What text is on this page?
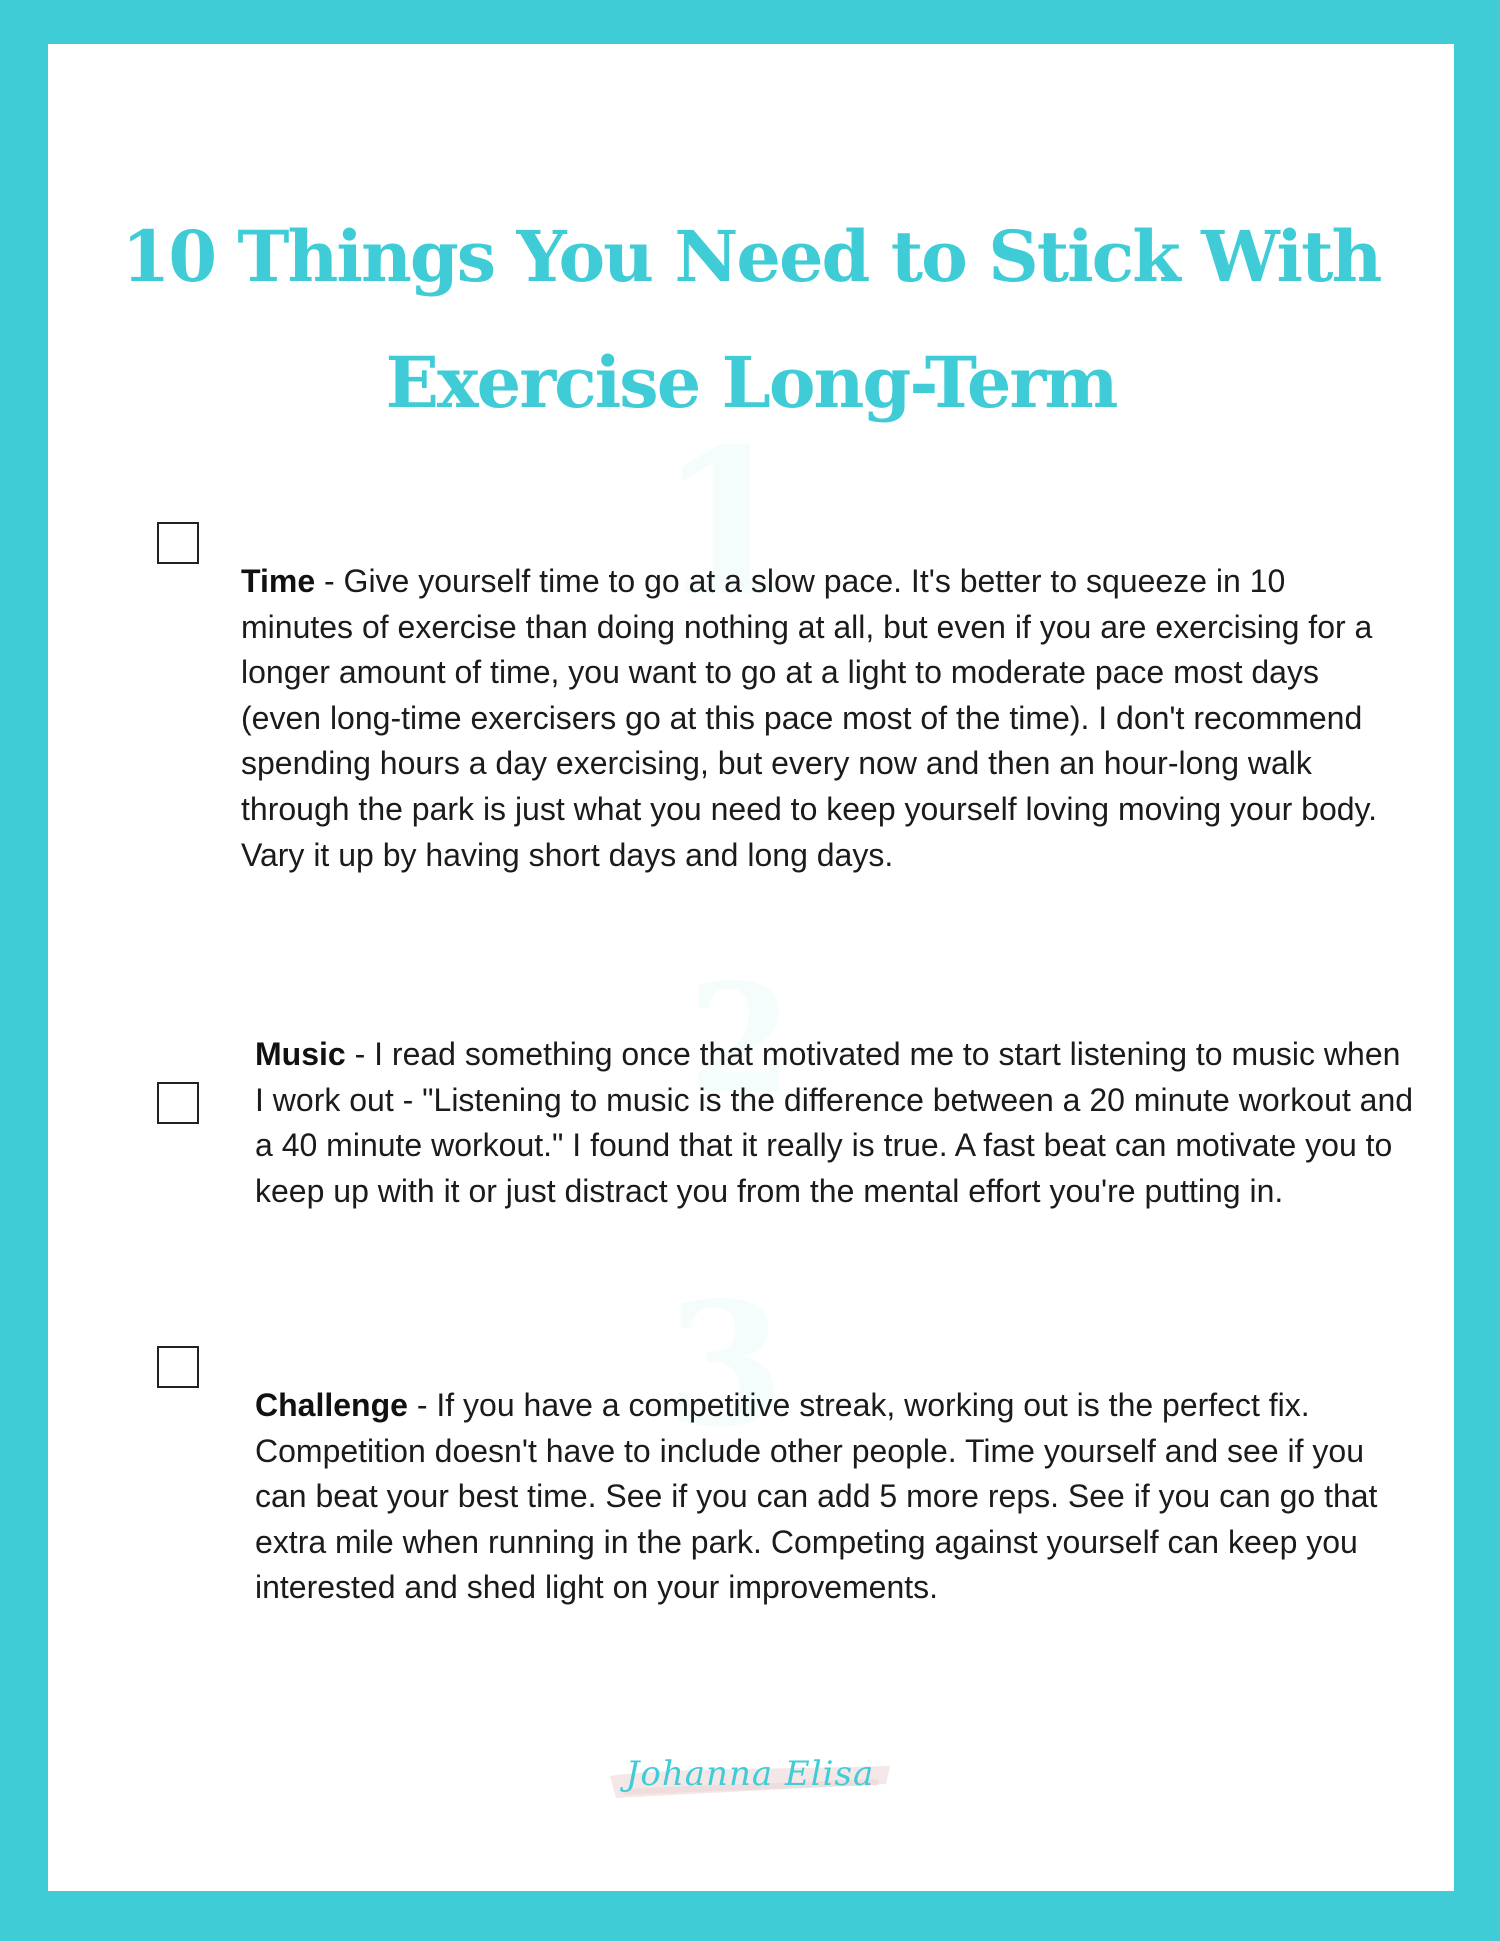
10 Things You Need to Stick With
Exercise Long-Term
1
2
3

Time - Give yourself time to go at a slow pace. It's better to squeeze in 10 minutes of exercise than doing nothing at all, but even if you are exercising for a longer amount of time, you want to go at a light to moderate pace most days (even long-time exercisers go at this pace most of the time). I don't recommend spending hours a day exercising, but every now and then an hour-long walk through the park is just what you need to keep yourself loving moving your body. Vary it up by having short days and long days.

Music - I read something once that motivated me to start listening to music when I work out - "Listening to music is the difference between a 20 minute workout and a 40 minute workout." I found that it really is true. A fast beat can motivate you to keep up with it or just distract you from the mental effort you're putting in.

Challenge - If you have a competitive streak, working out is the perfect fix. Competition doesn't have to include other people. Time yourself and see if you can beat your best time. See if you can add 5 more reps. See if you can go that extra mile when running in the park. Competing against yourself can keep you interested and shed light on your improvements.

Johanna Elisa
